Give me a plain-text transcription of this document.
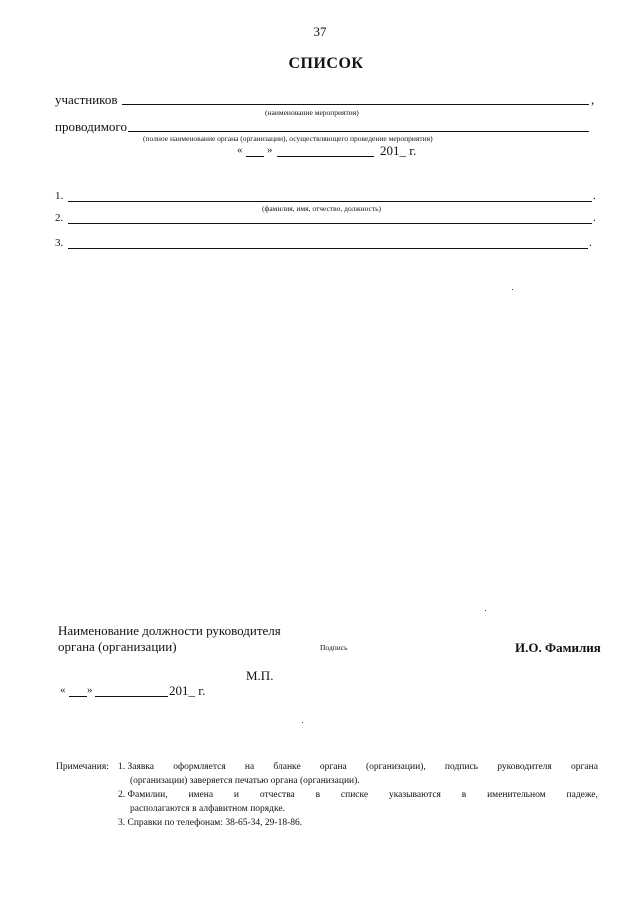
37
СПИСОК
участников	,
(наименование мероприятия)
проводимого
(полное наименование органа (организации), осуществляющего проведение мероприятия)
« »	201_ г.
1.	.
(фамилия, имя, отчество, должность)
2.	.
3.	.
Наименование должности руководителя
органа (организации)	Подпись	И.О. Фамилия
М.П.
« »	201_ г.
Примечания: 1. Заявка оформляется на бланке органа (организации), подпись руководителя органа
(организации) заверяется печатью органа (организации).
2. Фамилии, имена и отчества в списке указываются в именительном падеже,
располагаются в алфавитном порядке.
3. Справки по телефонам: 38-65-34, 29-18-86.
